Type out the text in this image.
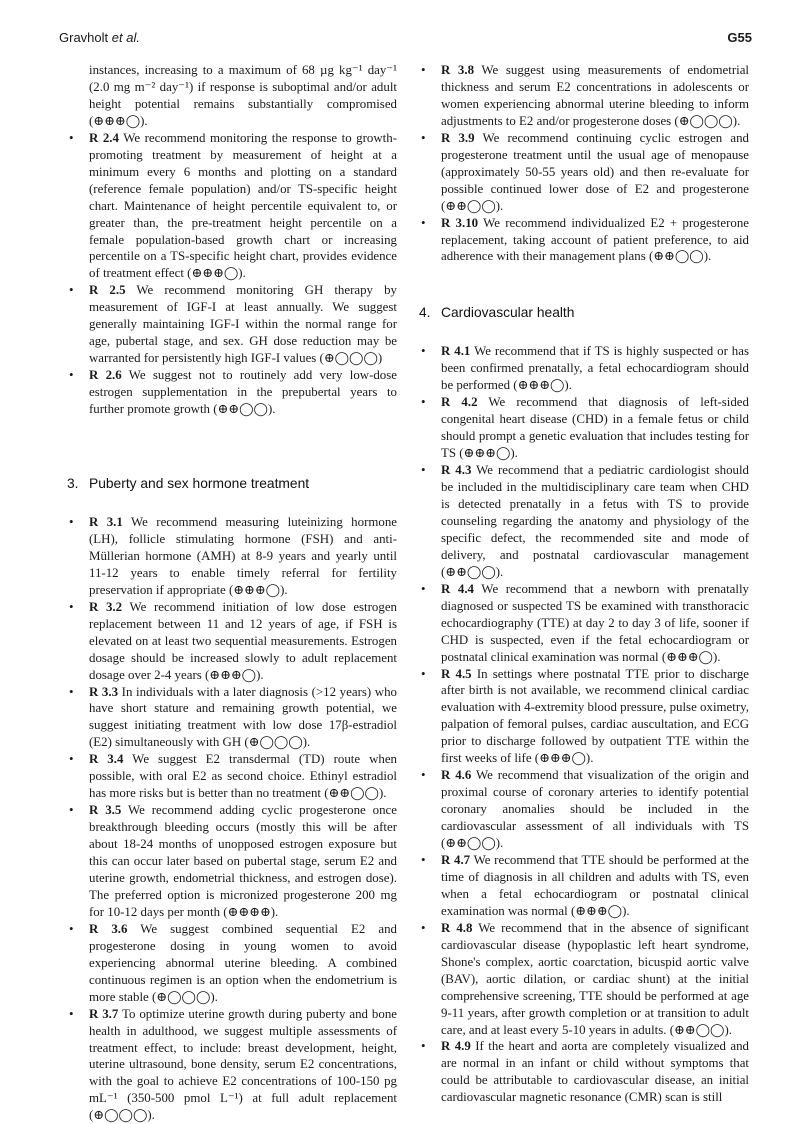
Gravholt et al.	G55
instances, increasing to a maximum of 68 µg kg⁻¹ day⁻¹ (2.0 mg m⁻² day⁻¹) if response is suboptimal and/or adult height potential remains substantially compromised (⊕⊕⊕◯).
• R 2.4 We recommend monitoring the response to growth-promoting treatment by measurement of height at a minimum every 6 months and plotting on a standard (reference female population) and/or TS-specific height chart. Maintenance of height percentile equivalent to, or greater than, the pre-treatment height percentile on a female population-based growth chart or increasing percentile on a TS-specific height chart, provides evidence of treatment effect (⊕⊕⊕◯).
• R 2.5 We recommend monitoring GH therapy by measurement of IGF-I at least annually. We suggest generally maintaining IGF-I within the normal range for age, pubertal stage, and sex. GH dose reduction may be warranted for persistently high IGF-I values (⊕◯◯◯)
• R 2.6 We suggest not to routinely add very low-dose estrogen supplementation in the prepubertal years to further promote growth (⊕⊕◯◯).
3. Puberty and sex hormone treatment
• R 3.1 We recommend measuring luteinizing hormone (LH), follicle stimulating hormone (FSH) and anti-Müllerian hormone (AMH) at 8-9 years and yearly until 11-12 years to enable timely referral for fertility preservation if appropriate (⊕⊕⊕◯).
• R 3.2 We recommend initiation of low dose estrogen replacement between 11 and 12 years of age, if FSH is elevated on at least two sequential measurements. Estrogen dosage should be increased slowly to adult replacement dosage over 2-4 years (⊕⊕⊕◯).
• R 3.3 In individuals with a later diagnosis (>12 years) who have short stature and remaining growth potential, we suggest initiating treatment with low dose 17β-estradiol (E2) simultaneously with GH (⊕◯◯◯).
• R 3.4 We suggest E2 transdermal (TD) route when possible, with oral E2 as second choice. Ethinyl estradiol has more risks but is better than no treatment (⊕⊕◯◯).
• R 3.5 We recommend adding cyclic progesterone once breakthrough bleeding occurs (mostly this will be after about 18-24 months of unopposed estrogen exposure but this can occur later based on pubertal stage, serum E2 and uterine growth, endometrial thickness, and estrogen dose). The preferred option is micronized progesterone 200 mg for 10-12 days per month (⊕⊕⊕⊕).
• R 3.6 We suggest combined sequential E2 and progesterone dosing in young women to avoid experiencing abnormal uterine bleeding. A combined continuous regimen is an option when the endometrium is more stable (⊕◯◯◯).
• R 3.7 To optimize uterine growth during puberty and bone health in adulthood, we suggest multiple assessments of treatment effect, to include: breast development, height, uterine ultrasound, bone density, serum E2 concentrations, with the goal to achieve E2 concentrations of 100-150 pg mL⁻¹ (350-500 pmol L⁻¹) at full adult replacement (⊕◯◯◯).
• R 3.8 We suggest using measurements of endometrial thickness and serum E2 concentrations in adolescents or women experiencing abnormal uterine bleeding to inform adjustments to E2 and/or progesterone doses (⊕◯◯◯).
• R 3.9 We recommend continuing cyclic estrogen and progesterone treatment until the usual age of menopause (approximately 50-55 years old) and then re-evaluate for possible continued lower dose of E2 and progesterone (⊕⊕◯◯).
• R 3.10 We recommend individualized E2 + progesterone replacement, taking account of patient preference, to aid adherence with their management plans (⊕⊕◯◯).
4. Cardiovascular health
• R 4.1 We recommend that if TS is highly suspected or has been confirmed prenatally, a fetal echocardiogram should be performed (⊕⊕⊕◯).
• R 4.2 We recommend that diagnosis of left-sided congenital heart disease (CHD) in a female fetus or child should prompt a genetic evaluation that includes testing for TS (⊕⊕⊕◯).
• R 4.3 We recommend that a pediatric cardiologist should be included in the multidisciplinary care team when CHD is detected prenatally in a fetus with TS to provide counseling regarding the anatomy and physiology of the specific defect, the recommended site and mode of delivery, and postnatal cardiovascular management (⊕⊕◯◯).
• R 4.4 We recommend that a newborn with prenatally diagnosed or suspected TS be examined with transthoracic echocardiography (TTE) at day 2 to day 3 of life, sooner if CHD is suspected, even if the fetal echocardiogram or postnatal clinical examination was normal (⊕⊕⊕◯).
• R 4.5 In settings where postnatal TTE prior to discharge after birth is not available, we recommend clinical cardiac evaluation with 4-extremity blood pressure, pulse oximetry, palpation of femoral pulses, cardiac auscultation, and ECG prior to discharge followed by outpatient TTE within the first weeks of life (⊕⊕⊕◯).
• R 4.6 We recommend that visualization of the origin and proximal course of coronary arteries to identify potential coronary anomalies should be included in the cardiovascular assessment of all individuals with TS (⊕⊕◯◯).
• R 4.7 We recommend that TTE should be performed at the time of diagnosis in all children and adults with TS, even when a fetal echocardiogram or postnatal clinical examination was normal (⊕⊕⊕◯).
• R 4.8 We recommend that in the absence of significant cardiovascular disease (hypoplastic left heart syndrome, Shone's complex, aortic coarctation, bicuspid aortic valve (BAV), aortic dilation, or cardiac shunt) at the initial comprehensive screening, TTE should be performed at age 9-11 years, after growth completion or at transition to adult care, and at least every 5-10 years in adults. (⊕⊕◯◯).
• R 4.9 If the heart and aorta are completely visualized and are normal in an infant or child without symptoms that could be attributable to cardiovascular disease, an initial cardiovascular magnetic resonance (CMR) scan is still
